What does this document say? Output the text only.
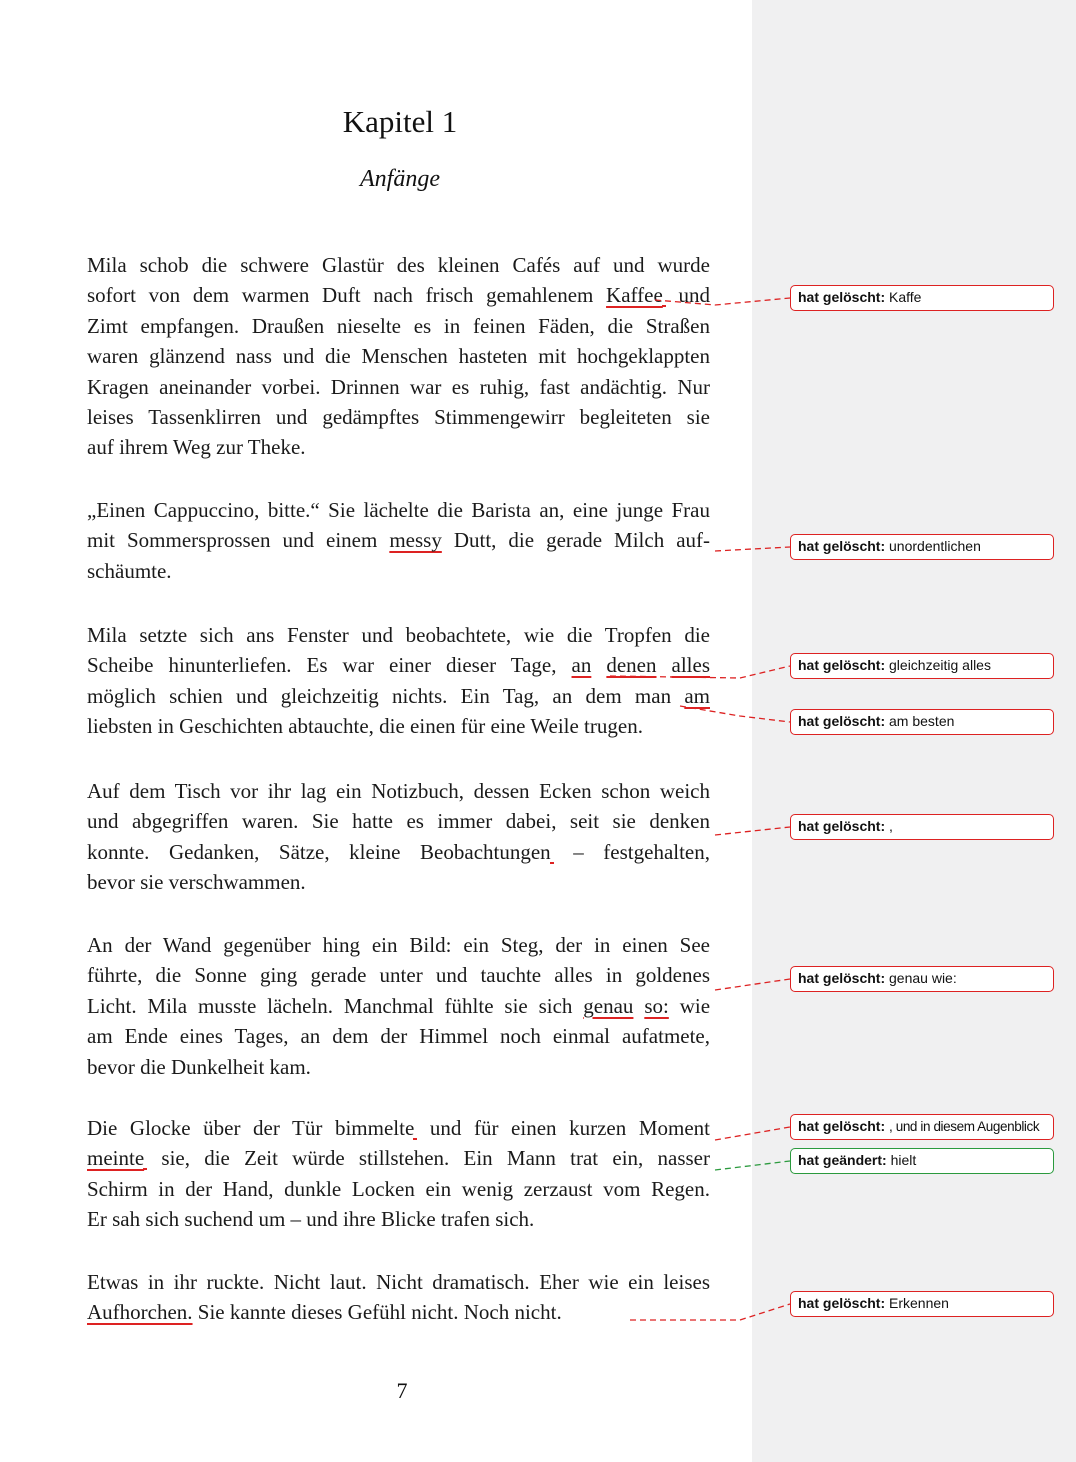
Kapitel 1
Anfänge
Mila schob die schwere Glastür des kleinen Cafés auf und wurde
sofort von dem warmen Duft nach frisch gemahlenem Kaffee und
Zimt empfangen. Draußen nieselte es in feinen Fäden, die Straßen
waren glänzend nass und die Menschen hasteten mit hochgeklappten
Kragen aneinander vorbei. Drinnen war es ruhig, fast andächtig. Nur
leises Tassenklirren und gedämpftes Stimmengewirr begleiteten sie
auf ihrem Weg zur Theke.
„Einen Cappuccino, bitte.“ Sie lächelte die Barista an, eine junge Frau
mit Sommersprossen und einem messy Dutt, die gerade Milch auf-
schäumte.
Mila setzte sich ans Fenster und beobachtete, wie die Tropfen die
Scheibe hinunterliefen. Es war einer dieser Tage, an denen alles
möglich schien und gleichzeitig nichts. Ein Tag, an dem man am
liebsten in Geschichten abtauchte, die einen für eine Weile trugen.
Auf dem Tisch vor ihr lag ein Notizbuch, dessen Ecken schon weich
und abgegriffen waren. Sie hatte es immer dabei, seit sie denken
konnte. Gedanken, Sätze, kleine Beobachtungen – festgehalten,
bevor sie verschwammen.
An der Wand gegenüber hing ein Bild: ein Steg, der in einen See
führte, die Sonne ging gerade unter und tauchte alles in goldenes
Licht. Mila musste lächeln. Manchmal fühlte sie sich genau so: wie
am Ende eines Tages, an dem der Himmel noch einmal aufatmete,
bevor die Dunkelheit kam.
Die Glocke über der Tür bimmelte und für einen kurzen Moment
meinte sie, die Zeit würde stillstehen. Ein Mann trat ein, nasser
Schirm in der Hand, dunkle Locken ein wenig zerzaust vom Regen.
Er sah sich suchend um – und ihre Blicke trafen sich.
Etwas in ihr ruckte. Nicht laut. Nicht dramatisch. Eher wie ein leises
Aufhorchen. Sie kannte dieses Gefühl nicht. Noch nicht.
7
hat gelöscht: Kaffe
hat gelöscht: unordentlichen
hat gelöscht: gleichzeitig alles
hat gelöscht: am besten
hat gelöscht: ,
hat gelöscht: genau wie:
hat gelöscht: , und in diesem Augenblick
hat geändert: hielt
hat gelöscht: Erkennen
